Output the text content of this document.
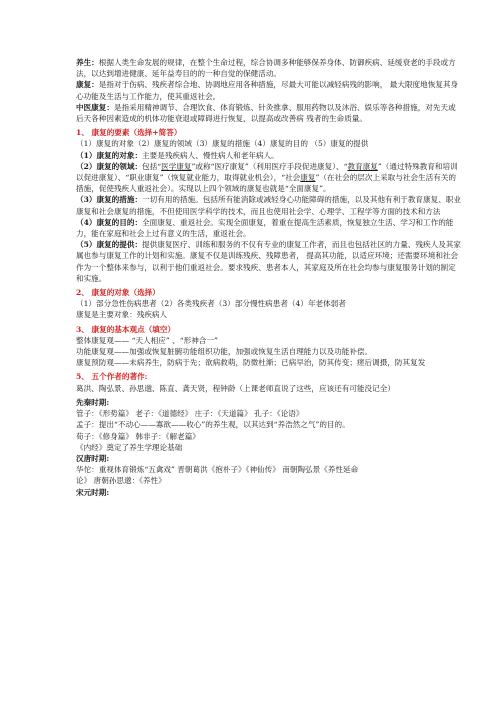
养生：根据人类生命发展的规律，在整个生命过程，综合协调多种能够保养身体、防御疾病、延缓衰老的手段或方法，以达到增进健康、延年益寿目的的一种自觉的保健活动。

康复：是指对于伤病、残疾者综合地、协调地应用各种措施，尽最大可能以减轻病残的影响， 最大限度地恢复其身心功能及生活与工作能力，使其重返社会。

中医康复：是指采用精神调节、合理饮食、体育锻炼、针灸推拿、服用药物以及沐浴、娱乐等各种措施，对先天或后天各种因素造成的机体功能衰退或障碍进行恢复，以提高或改善病 残者的生命质量。

1、 康复的要素（选择+简答）

（1）康复的对象（2）康复的领域（3）康复的措施（4）康复的目的 （5）康复的提供

（1）康复的对象：主要是残疾病人、慢性病人和老年病人。

（2）康复的领域：包括“医学康复”或称“医疗康复”（利用医疗手段促进康复）、“教育康复”（通过特殊教育和培训以促进康复）、“职业康复”（恢复就业能力，取得就业机会），“社会康复”（在社会的层次上采取与社会生活有关的措施，促使残疾人重返社会）。实现以上四个领域的康复也就是“全面康复”。

（3）康复的措施：一切有用的措施。包括所有能消除或减轻身心功能障碍的措施，以及其他有利于教育康复、职业康复和社会康复的措施，不但使用医学科学的技术，而且也使用社会学、心理学、工程学等方面的技术和方法

（4）康复的目的：全面康复、重返社会。实现全面康复，着重在提高生活素质，恢复独立生活、学习和工作的能力，能在家庭和社会上过有意义的生活，重返社会。

（5）康复的提供：提供康复医疗、训练和服务的不仅有专业的康复工作者，而且也包括社区的力量、残疾人及其家属也参与康复工作的计划和实施。康复不仅是训练残疾、残障患者， 提高其功能，以适应环境；还需要环境和社会作为一个整体来参与，以利于他们重返社会。要求残疾、患者本人，其家庭及所在社会均参与康复服务计划的制定和实施。

2、 康复的对象（选择）

（1）部分急性伤病患者（2）各类残疾者（3）部分慢性病患者（4）年老体弱者

康复是主要对象：残疾病人

3、 康复的基本观点（填空）

整体康复观—— “天人相应” 、“形神合一”

功能康复观——加强或恢复脏腑功能组织功能，加强或恢复生活自理能力以及功能补偿。

康复预防观——未病养生，防病于先；欲病救萌，防微杜渐；已病早治，防其传变；瘥后调摄，防其复发

5、 五个作者的著作:

葛洪、陶弘景、孙思邈、陈直、龚天贤，程钟龄（上课老师直说了这些，应该还有可能没记全）

先秦时期:

管子：《形势篇》 老子：《道德经》 庄子：《天道篇》 孔子：《论语》

孟子：提出“不动心——寡欲——收心”的养生观，以其达到“养浩然之气”的目的。

荀子：《修身篇》 韩非子：《解老篇》

《内经》奠定了养生学理论基础

汉唐时期:

华佗：重视体育锻炼“五禽戏” 晋朝葛洪《抱朴子》《神仙传》 南朝陶弘景《养性延命

论》 唐朝孙思邈：《养性》

宋元时期:
